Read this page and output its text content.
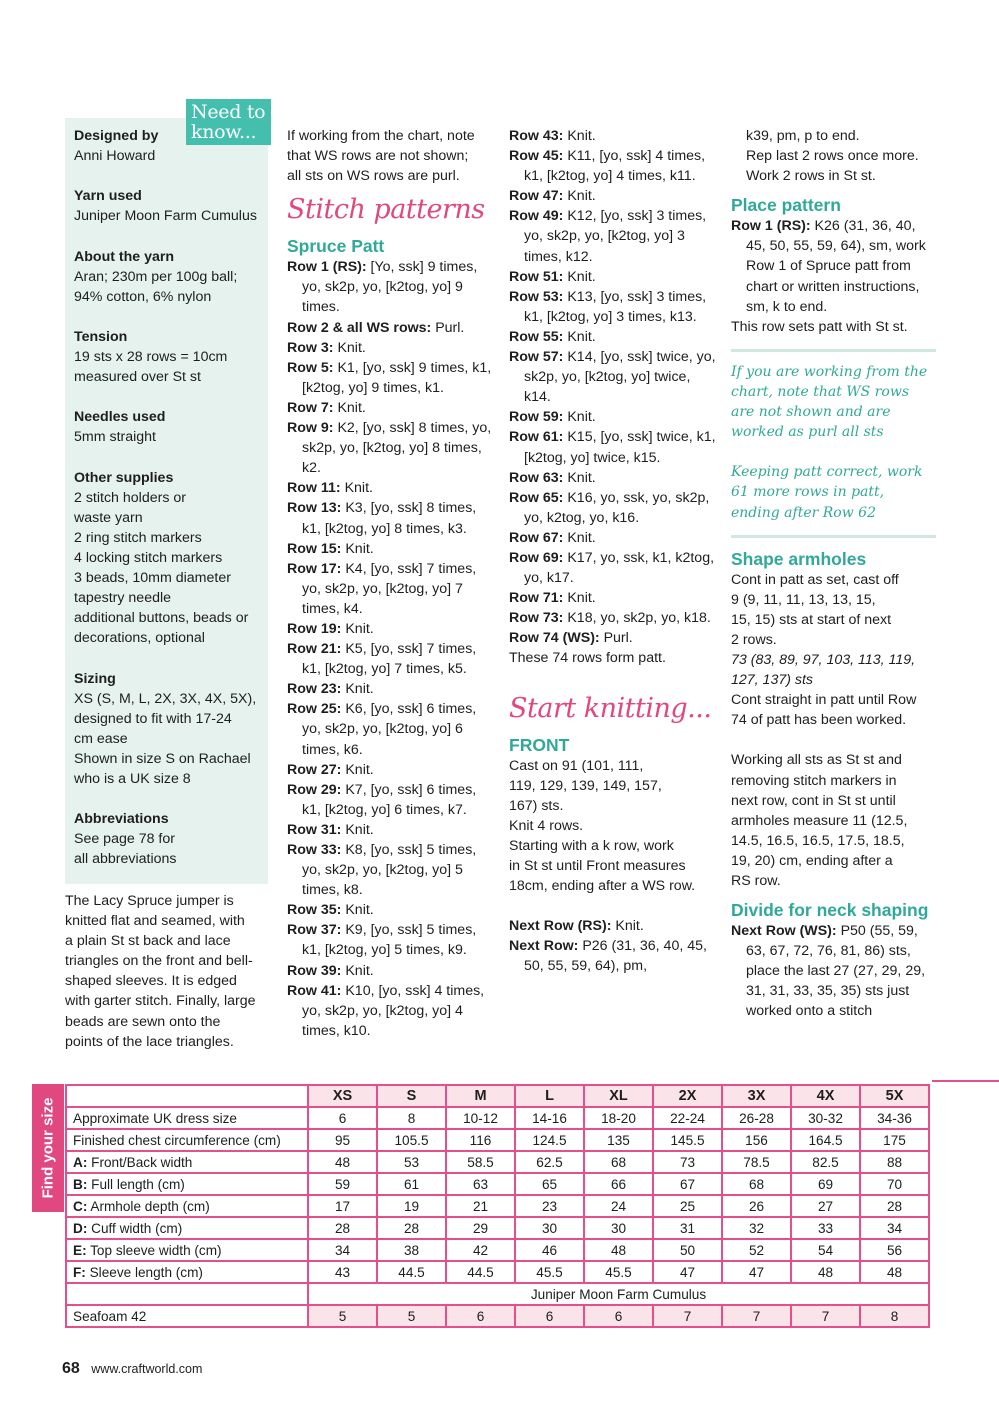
Designed by
Anni Howard
Yarn used
Juniper Moon Farm Cumulus
About the yarn
Aran; 230m per 100g ball;
94% cotton, 6% nylon
Tension
19 sts x 28 rows = 10cm
measured over St st
Needles used
5mm straight
Other supplies
2 stitch holders or
waste yarn
2 ring stitch markers
4 locking stitch markers
3 beads, 10mm diameter
tapestry needle
additional buttons, beads or
decorations, optional
Sizing
XS (S, M, L, 2X, 3X, 4X, 5X),
designed to fit with 17-24
cm ease
Shown in size S on Rachael
who is a UK size 8
Abbreviations
See page 78 for
all abbreviations
Need to know...
The Lacy Spruce jumper is
knitted flat and seamed, with
a plain St st back and lace
triangles on the front and bell-
shaped sleeves. It is edged
with garter stitch. Finally, large
beads are sewn onto the
points of the lace triangles.
If working from the chart, note
that WS rows are not shown;
all sts on WS rows are purl.
Stitch patterns
Spruce Patt
Row 1 (RS): [Yo, ssk] 9 times, yo, sk2p, yo, [k2tog, yo] 9 times.
Row 2 & all WS rows: Purl.
Row 3: Knit.
Row 5: K1, [yo, ssk] 9 times, k1, [k2tog, yo] 9 times, k1.
Row 7: Knit.
Row 9: K2, [yo, ssk] 8 times, yo, sk2p, yo, [k2tog, yo] 8 times, k2.
Row 11: Knit.
Row 13: K3, [yo, ssk] 8 times, k1, [k2tog, yo] 8 times, k3.
Row 15: Knit.
Row 17: K4, [yo, ssk] 7 times, yo, sk2p, yo, [k2tog, yo] 7 times, k4.
Row 19: Knit.
Row 21: K5, [yo, ssk] 7 times, k1, [k2tog, yo] 7 times, k5.
Row 23: Knit.
Row 25: K6, [yo, ssk] 6 times, yo, sk2p, yo, [k2tog, yo] 6 times, k6.
Row 27: Knit.
Row 29: K7, [yo, ssk] 6 times, k1, [k2tog, yo] 6 times, k7.
Row 31: Knit.
Row 33: K8, [yo, ssk] 5 times, yo, sk2p, yo, [k2tog, yo] 5 times, k8.
Row 35: Knit.
Row 37: K9, [yo, ssk] 5 times, k1, [k2tog, yo] 5 times, k9.
Row 39: Knit.
Row 41: K10, [yo, ssk] 4 times, yo, sk2p, yo, [k2tog, yo] 4 times, k10.
Row 43: Knit.
Row 45: K11, [yo, ssk] 4 times, k1, [k2tog, yo] 4 times, k11.
Row 47: Knit.
Row 49: K12, [yo, ssk] 3 times, yo, sk2p, yo, [k2tog, yo] 3 times, k12.
Row 51: Knit.
Row 53: K13, [yo, ssk] 3 times, k1, [k2tog, yo] 3 times, k13.
Row 55: Knit.
Row 57: K14, [yo, ssk] twice, yo, sk2p, yo, [k2tog, yo] twice, k14.
Row 59: Knit.
Row 61: K15, [yo, ssk] twice, k1, [k2tog, yo] twice, k15.
Row 63: Knit.
Row 65: K16, yo, ssk, yo, sk2p, yo, k2tog, yo, k16.
Row 67: Knit.
Row 69: K17, yo, ssk, k1, k2tog, yo, k17.
Row 71: Knit.
Row 73: K18, yo, sk2p, yo, k18.
Row 74 (WS): Purl.
These 74 rows form patt.
Start knitting...
FRONT
Cast on 91 (101, 111,
119, 129, 139, 149, 157,
167) sts.
Knit 4 rows.
Starting with a k row, work
in St st until Front measures
18cm, ending after a WS row.
Next Row (RS): Knit.
Next Row: P26 (31, 36, 40, 45, 50, 55, 59, 64), pm,
k39, pm, p to end.
Rep last 2 rows once more.
Work 2 rows in St st.
Place pattern
Row 1 (RS): K26 (31, 36, 40, 45, 50, 55, 59, 64), sm, work Row 1 of Spruce patt from chart or written instructions, sm, k to end.
This row sets patt with St st.
If you are working from the chart, note that WS rows are not shown and are worked as purl all sts
Keeping patt correct, work 61 more rows in patt, ending after Row 62
Shape armholes
Cont in patt as set, cast off
9 (9, 11, 11, 13, 13, 15,
15, 15) sts at start of next
2 rows.
73 (83, 89, 97, 103, 113, 119, 127, 137) sts
Cont straight in patt until Row
74 of patt has been worked.
Working all sts as St st and
removing stitch markers in
next row, cont in St st until
armholes measure 11 (12.5,
14.5, 16.5, 16.5, 17.5, 18.5,
19, 20) cm, ending after a
RS row.
Divide for neck shaping
Next Row (WS): P50 (55, 59, 63, 67, 72, 76, 81, 86) sts, place the last 27 (27, 29, 29, 31, 31, 33, 35, 35) sts just worked onto a stitch
Find your size
	XS	S	M	L	XL	2X	3X	4X	5X
Approximate UK dress size	6	8	10-12	14-16	18-20	22-24	26-28	30-32	34-36
Finished chest circumference (cm)	95	105.5	116	124.5	135	145.5	156	164.5	175
A: Front/Back width	48	53	58.5	62.5	68	73	78.5	82.5	88
B: Full length (cm)	59	61	63	65	66	67	68	69	70
C: Armhole depth (cm)	17	19	21	23	24	25	26	27	28
D: Cuff width (cm)	28	28	29	30	30	31	32	33	34
E: Top sleeve width (cm)	34	38	42	46	48	50	52	54	56
F: Sleeve length (cm)	43	44.5	44.5	45.5	45.5	47	47	48	48
	Juniper Moon Farm Cumulus								
Seafoam 42	5	5	6	6	6	7	7	7	8
68 www.craftworld.com
